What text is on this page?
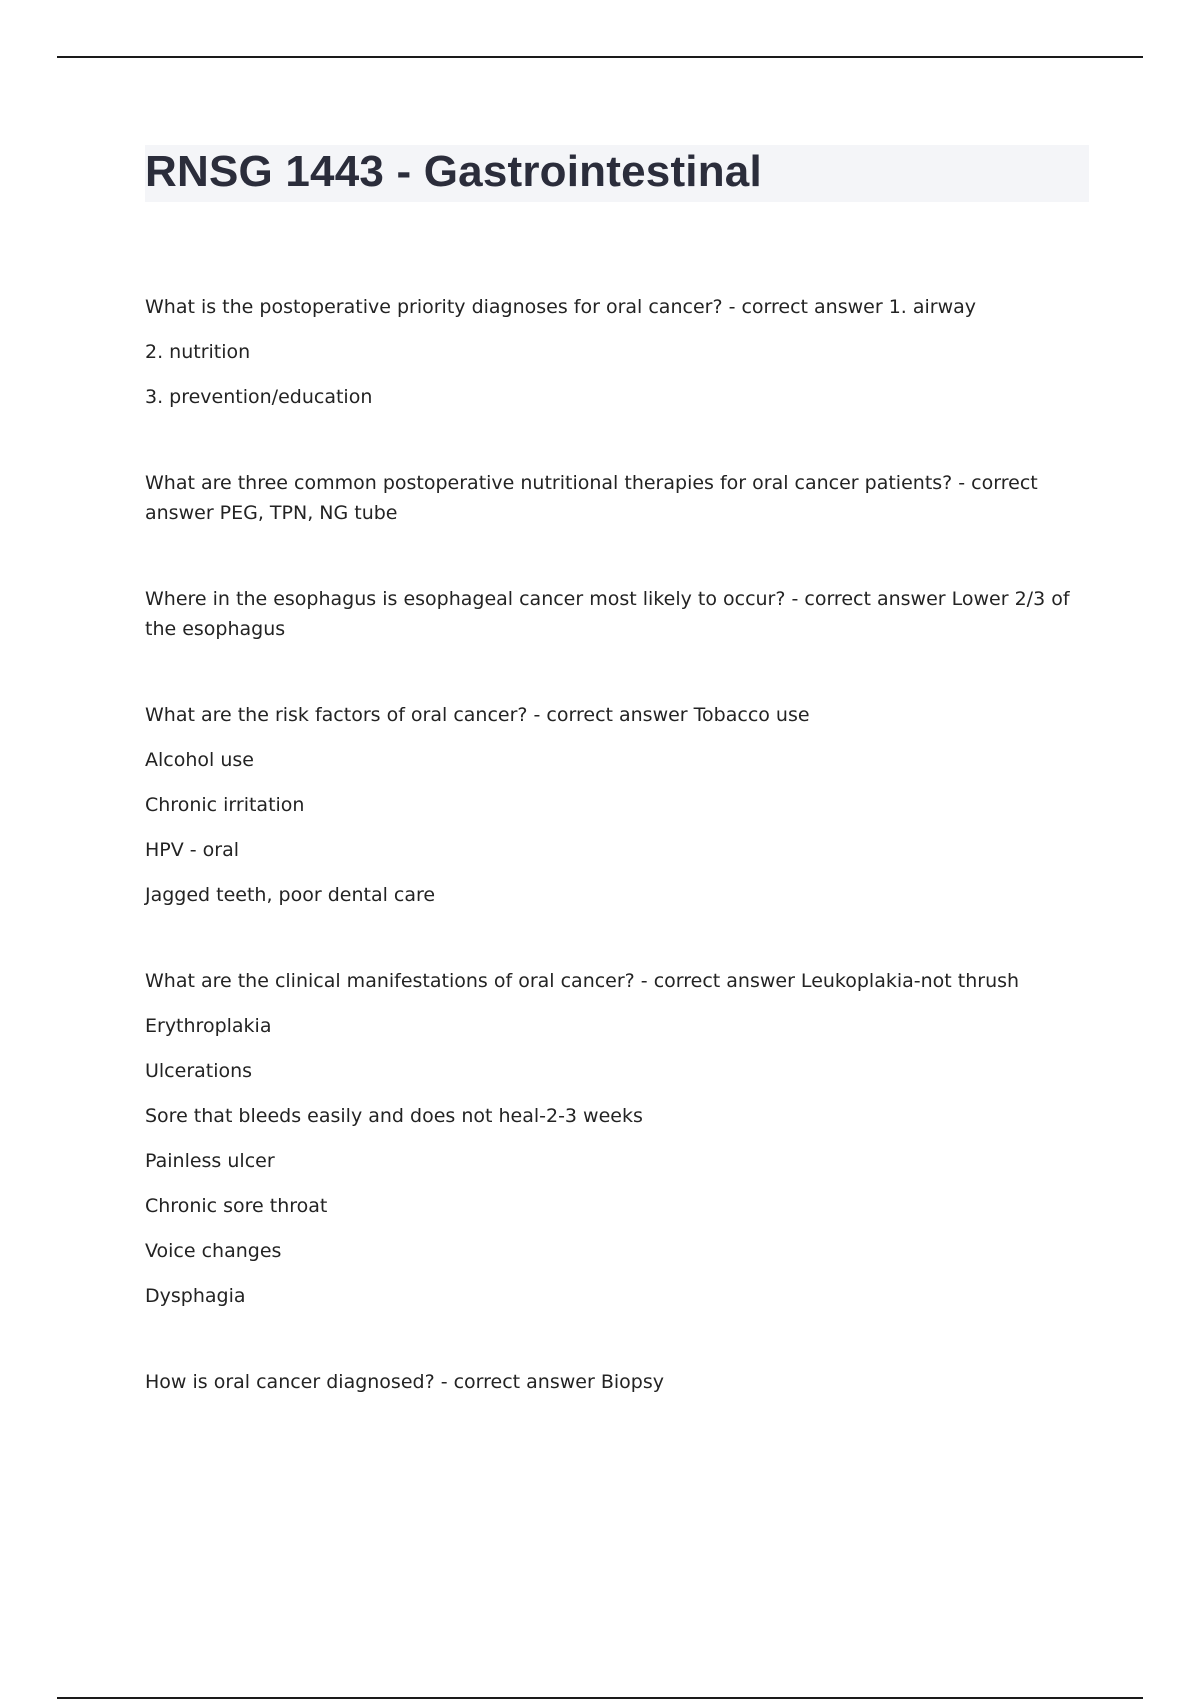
RNSG 1443 - Gastrointestinal
What is the postoperative priority diagnoses for oral cancer? - correct answer 1. airway
2. nutrition
3. prevention/education
What are three common postoperative nutritional therapies for oral cancer patients? - correct answer PEG, TPN, NG tube
Where in the esophagus is esophageal cancer most likely to occur? - correct answer Lower 2/3 of the esophagus
What are the risk factors of oral cancer? - correct answer Tobacco use
Alcohol use
Chronic irritation
HPV - oral
Jagged teeth, poor dental care
What are the clinical manifestations of oral cancer? - correct answer Leukoplakia-not thrush
Erythroplakia
Ulcerations
Sore that bleeds easily and does not heal-2-3 weeks
Painless ulcer
Chronic sore throat
Voice changes
Dysphagia
How is oral cancer diagnosed? - correct answer Biopsy
